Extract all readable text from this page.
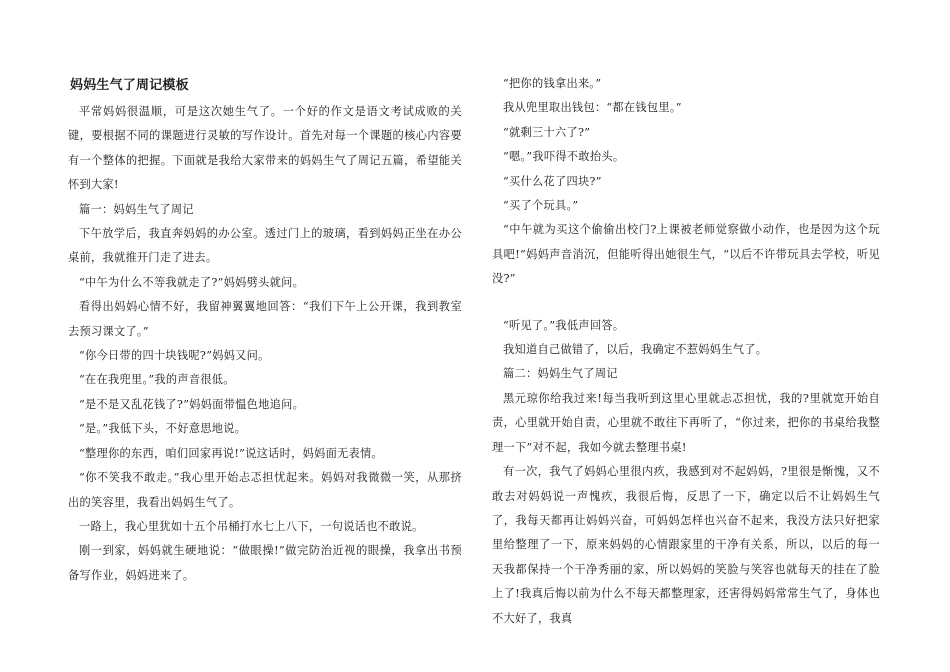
妈妈生气了周记模板

平常妈妈很温顺，可是这次她生气了。一个好的作文是语文考试成败的关键，要根据不同的课题进行灵敏的写作设计。首先对每一个课题的核心内容要有一个整体的把握。下面就是我给大家带来的妈妈生气了周记五篇，希望能关怀到大家!

篇一：妈妈生气了周记

下午放学后，我直奔妈妈的办公室。透过门上的玻璃，看到妈妈正坐在办公桌前，我就推开门走了进去。

“中午为什么不等我就走了?”妈妈劈头就问。

看得出妈妈心情不好，我留神翼翼地回答：“我们下午上公开课，我到教室去预习课文了。”

“你今日带的四十块钱呢?”妈妈又问。

“在在我兜里。”我的声音很低。

“是不是又乱花钱了?”妈妈面带愠色地追问。

“是。”我低下头，不好意思地说。

“整理你的东西，咱们回家再说!”说这话时，妈妈面无表情。

“你不笑我不敢走。”我心里开始忐忑担忧起来。妈妈对我微微一笑，从那挤出的笑容里，我看出妈妈生气了。

一路上，我心里犹如十五个吊桶打水七上八下，一句说话也不敢说。

刚一到家，妈妈就生硬地说：“做眼操!”做完防治近视的眼操，我拿出书预备写作业，妈妈进来了。

“把你的钱拿出来。”

我从兜里取出钱包：“都在钱包里。”

“就剩三十六了?”

“嗯。”我吓得不敢抬头。

“买什么花了四块?”

“买了个玩具。”

“中午就为买这个偷偷出校门?上课被老师觉察做小动作，也是因为这个玩具吧!”妈妈声音消沉，但能听得出她很生气，“以后不许带玩具去学校，听见没?”

“听见了。”我低声回答。

我知道自己做错了，以后，我确定不惹妈妈生气了。

篇二：妈妈生气了周记

黑元琼你给我过来!每当我听到这里心里就忐忑担忧，我的?里就宽开始自责，心里就开始自责，心里就不敢往下再听了，“你过来，把你的书桌给我整理一下”对不起，我如今就去整理书桌!

有一次，我气了妈妈心里很内疚，我感到对不起妈妈，?里很是惭愧，又不敢去对妈妈说一声愧疚，我很后悔，反思了一下，确定以后不让妈妈生气了，我每天都再让妈妈兴奋，可妈妈怎样也兴奋不起来，我没方法只好把家里给整理了一下，原来妈妈的心情跟家里的干净有关系，所以，以后的每一天我都保持一个干净秀丽的家，所以妈妈的笑脸与笑容也就每天的挂在了脸上了!我真后悔以前为什么不每天都整理家，还害得妈妈常常生气了，身体也不大好了，我真
